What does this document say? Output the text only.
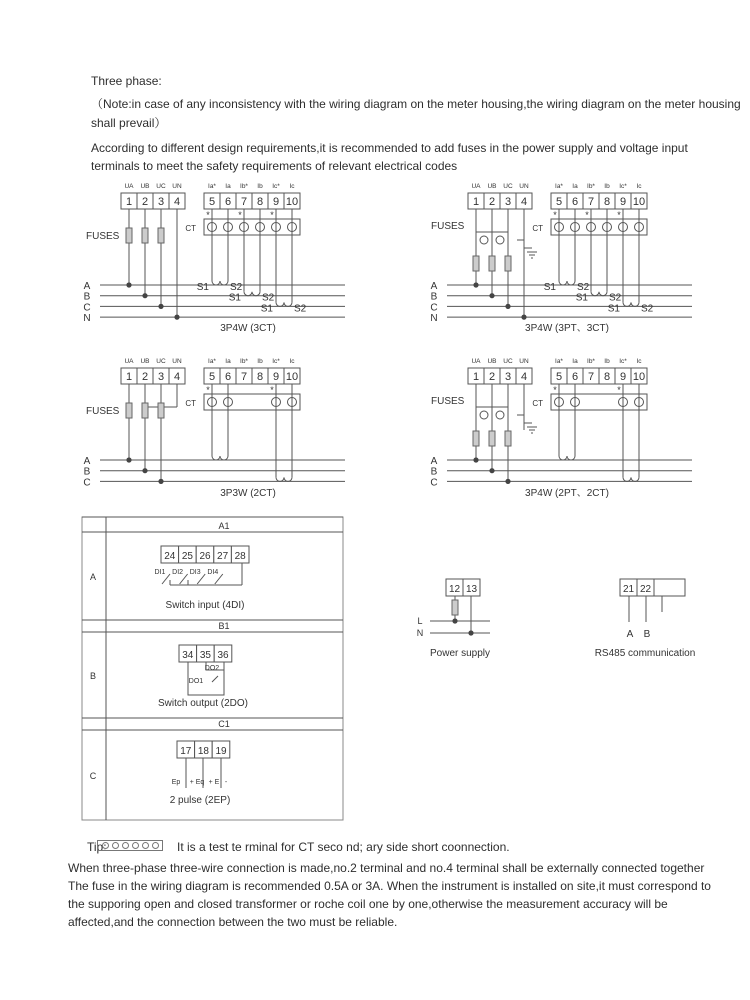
Three phase:
（Note:in case of any inconsistency with the wiring diagram on the meter housing,the wiring diagram on the meter housing
shall prevail）
According to different design requirements,it is recommended to add fuses in the power supply and voltage input
terminals to meet the safety requirements of relevant electrical codes
UA UB UC UN	Ia* Ia Ib* Ib Ic* Ic
A
B
C
N
FUSES
1 2 3 4	5 6 7 8 9 10
CT
*
S1 S2
*
S1 S2
*
S1 S2
3P4W (3CT)
UA UB UC UN	Ia* Ia Ib* Ib Ic* Ic
A
B
C
N
FUSES
1 2 3 4	5 6 7 8 9 10
CT
*
S1 S2
*
S1 S2
*
S1 S2
3P4W (3PT、3CT)
UA UB UC UN	Ia* Ia Ib* Ib Ic* Ic
A
B
C
FUSES
1 2 3 4	5 6 7 8 9 10
CT
*	*
3P3W (2CT)
UA UB UC UN	Ia* Ia Ib* Ib Ic* Ic
A
B
C
FUSES
1 2 3 4	5 6 7 8 9 10
CT
*	*
3P4W (2PT、2CT)
A1
A
B1
B
C1
C
24 25 26 27 28
DI1 DI2 DI3 DI4
Switch input (4DI)
34 35 36
DO2
DO1
Switch output (2DO)
17 18 19
Ep + Eq + E -
2 pulse (2EP)
12 13
L
N
Power supply
21 22
A B
RS485 communication
Tip:	It is a test te rminal for CT seco nd; ary side short coonnection.
When three-phase three-wire connection is made,no.2 terminal and no.4 terminal shall be externally connected together
The fuse in the wiring diagram is recommended 0.5A or 3A. When the instrument is installed on site,it must correspond to
the supporing open and closed transformer or roche coil one by one,otherwise the measurement accuracy will be
affected,and the connection between the two must be reliable.
